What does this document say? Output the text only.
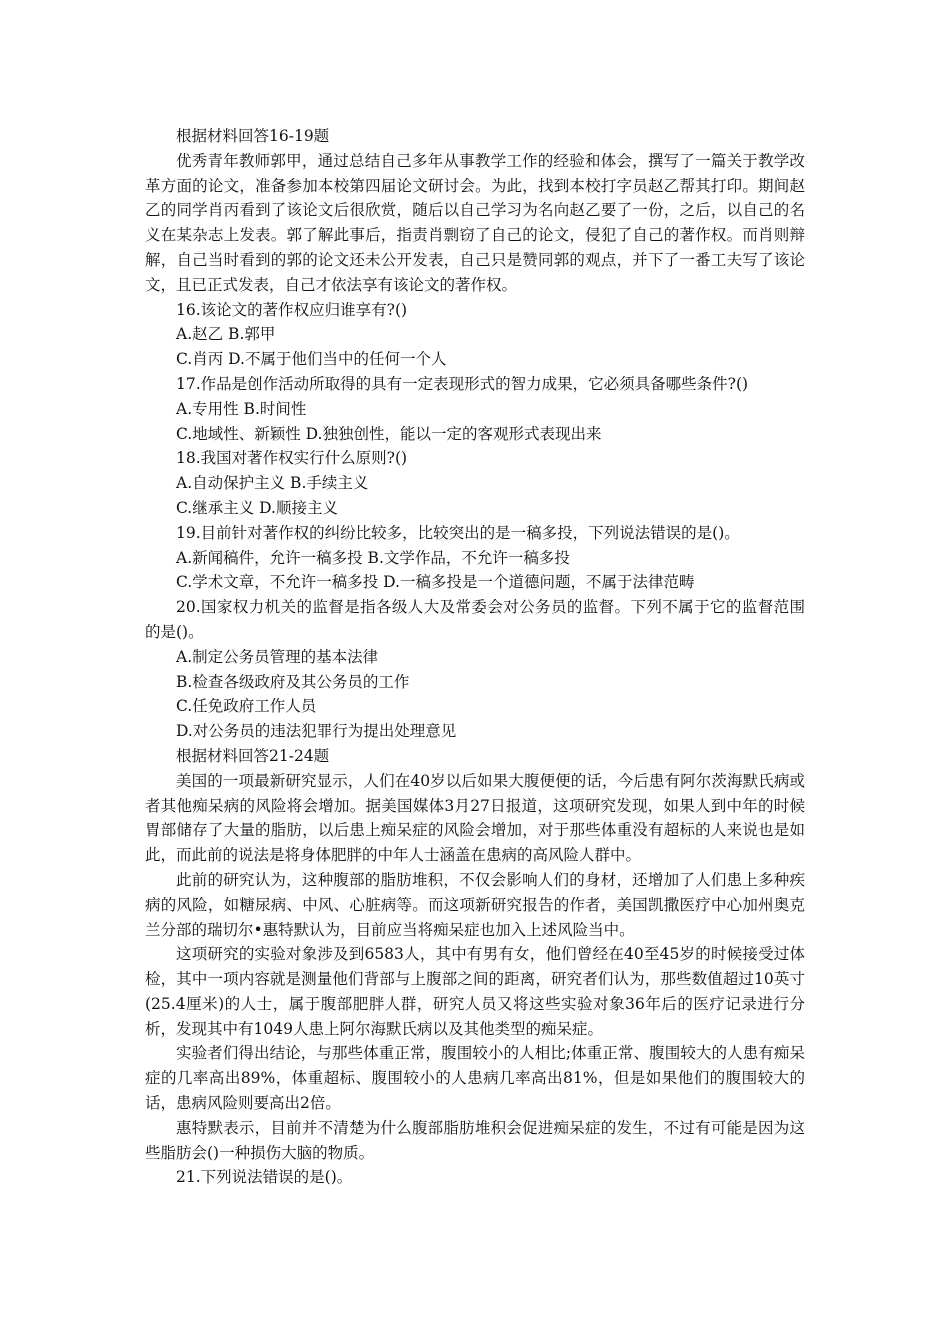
根据材料回答16-19题

优秀青年教师郭甲，通过总结自己多年从事教学工作的经验和体会，撰写了一篇关于教学改革方面的论文，准备参加本校第四届论文研讨会。为此，找到本校打字员赵乙帮其打印。期间赵乙的同学肖丙看到了该论文后很欣赏，随后以自己学习为名向赵乙要了一份，之后，以自己的名义在某杂志上发表。郭了解此事后，指责肖剽窃了自己的论文，侵犯了自己的著作权。而肖则辩解，自己当时看到的郭的论文还未公开发表，自己只是赞同郭的观点，并下了一番工夫写了该论文，且已正式发表，自己才依法享有该论文的著作权。

16.该论文的著作权应归谁享有?()
A.赵乙 B.郭甲
C.肖丙 D.不属于他们当中的任何一个人
17.作品是创作活动所取得的具有一定表现形式的智力成果，它必须具备哪些条件?()
A.专用性 B.时间性
C.地域性、新颖性 D.独独创性，能以一定的客观形式表现出来
18.我国对著作权实行什么原则?()
A.自动保护主义 B.手续主义
C.继承主义 D.顺接主义
19.目前针对著作权的纠纷比较多，比较突出的是一稿多投，下列说法错误的是()。
A.新闻稿件，允许一稿多投 B.文学作品，不允许一稿多投
C.学术文章，不允许一稿多投 D.一稿多投是一个道德问题，不属于法律范畴

20.国家权力机关的监督是指各级人大及常委会对公务员的监督。下列不属于它的监督范围的是()。

A.制定公务员管理的基本法律
B.检查各级政府及其公务员的工作
C.任免政府工作人员
D.对公务员的违法犯罪行为提出处理意见
根据材料回答21-24题

美国的一项最新研究显示，人们在40岁以后如果大腹便便的话，今后患有阿尔茨海默氏病或者其他痴呆病的风险将会增加。据美国媒体3月27日报道，这项研究发现，如果人到中年的时候胃部储存了大量的脂肪，以后患上痴呆症的风险会增加，对于那些体重没有超标的人来说也是如此，而此前的说法是将身体肥胖的中年人士涵盖在患病的高风险人群中。

此前的研究认为，这种腹部的脂肪堆积，不仅会影响人们的身材，还增加了人们患上多种疾病的风险，如糖尿病、中风、心脏病等。而这项新研究报告的作者，美国凯撒医疗中心加州奥克兰分部的瑞切尔•惠特默认为，目前应当将痴呆症也加入上述风险当中。

这项研究的实验对象涉及到6583人，其中有男有女，他们曾经在40至45岁的时候接受过体检，其中一项内容就是测量他们背部与上腹部之间的距离，研究者们认为，那些数值超过10英寸(25.4厘米)的人士，属于腹部肥胖人群，研究人员又将这些实验对象36年后的医疗记录进行分析，发现其中有1049人患上阿尔海默氏病以及其他类型的痴呆症。

实验者们得出结论，与那些体重正常，腹围较小的人相比;体重正常、腹围较大的人患有痴呆症的几率高出89%，体重超标、腹围较小的人患病几率高出81%，但是如果他们的腹围较大的话，患病风险则要高出2倍。

惠特默表示，目前并不清楚为什么腹部脂肪堆积会促进痴呆症的发生，不过有可能是因为这些脂肪会()一种损伤大脑的物质。

21.下列说法错误的是()。
